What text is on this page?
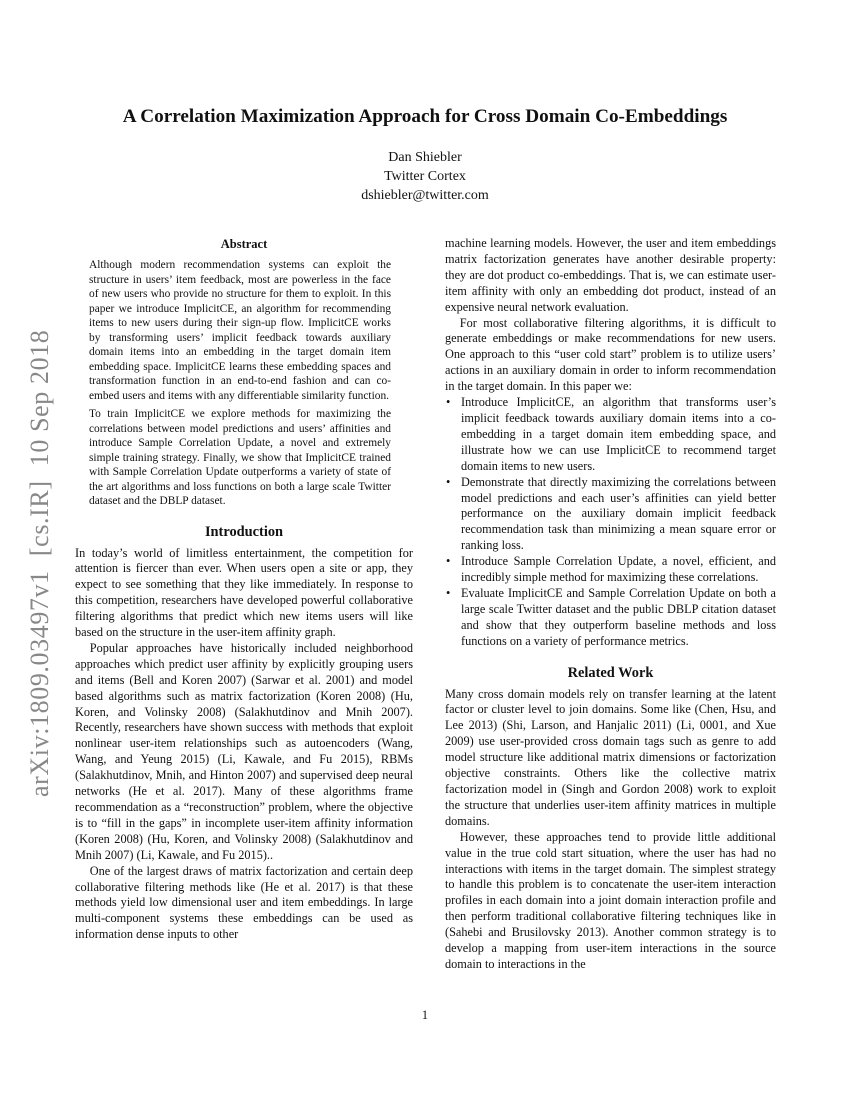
arXiv:1809.03497v1  [cs.IR]  10 Sep 2018
A Correlation Maximization Approach for Cross Domain Co-Embeddings
Dan Shiebler
Twitter Cortex
dshiebler@twitter.com
Abstract

Although modern recommendation systems can exploit the structure in users’ item feedback, most are powerless in the face of new users who provide no structure for them to exploit. In this paper we introduce ImplicitCE, an algorithm for recommending items to new users during their sign-up flow. ImplicitCE works by transforming users’ implicit feedback towards auxiliary domain items into an embedding in the target domain item embedding space. ImplicitCE learns these embedding spaces and transformation function in an end-to-end fashion and can co-embed users and items with any differentiable similarity function.

To train ImplicitCE we explore methods for maximizing the correlations between model predictions and users’ affinities and introduce Sample Correlation Update, a novel and extremely simple training strategy. Finally, we show that ImplicitCE trained with Sample Correlation Update outperforms a variety of state of the art algorithms and loss functions on both a large scale Twitter dataset and the DBLP dataset.

Introduction

In today’s world of limitless entertainment, the competition for attention is fiercer than ever. When users open a site or app, they expect to see something that they like immediately. In response to this competition, researchers have developed powerful collaborative filtering algorithms that predict which new items users will like based on the structure in the user-item affinity graph.

Popular approaches have historically included neighborhood approaches which predict user affinity by explicitly grouping users and items (Bell and Koren 2007) (Sarwar et al. 2001) and model based algorithms such as matrix factorization (Koren 2008) (Hu, Koren, and Volinsky 2008) (Salakhutdinov and Mnih 2007). Recently, researchers have shown success with methods that exploit nonlinear user-item relationships such as autoencoders (Wang, Wang, and Yeung 2015) (Li, Kawale, and Fu 2015), RBMs (Salakhutdinov, Mnih, and Hinton 2007) and supervised deep neural networks (He et al. 2017). Many of these algorithms frame recommendation as a “reconstruction” problem, where the objective is to “fill in the gaps” in incomplete user-item affinity information (Koren 2008) (Hu, Koren, and Volinsky 2008) (Salakhutdinov and Mnih 2007) (Li, Kawale, and Fu 2015)..

One of the largest draws of matrix factorization and certain deep collaborative filtering methods like (He et al. 2017) is that these methods yield low dimensional user and item embeddings. In large multi-component systems these embeddings can be used as information dense inputs to other

machine learning models. However, the user and item embeddings matrix factorization generates have another desirable property: they are dot product co-embeddings. That is, we can estimate user-item affinity with only an embedding dot product, instead of an expensive neural network evaluation.

For most collaborative filtering algorithms, it is difficult to generate embeddings or make recommendations for new users. One approach to this “user cold start” problem is to utilize users’ actions in an auxiliary domain in order to inform recommendation in the target domain. In this paper we:

• Introduce ImplicitCE, an algorithm that transforms user’s implicit feedback towards auxiliary domain items into a co-embedding in a target domain item embedding space, and illustrate how we can use ImplicitCE to recommend target domain items to new users.
• Demonstrate that directly maximizing the correlations between model predictions and each user’s affinities can yield better performance on the auxiliary domain implicit feedback recommendation task than minimizing a mean square error or ranking loss.
• Introduce Sample Correlation Update, a novel, efficient, and incredibly simple method for maximizing these correlations.
• Evaluate ImplicitCE and Sample Correlation Update on both a large scale Twitter dataset and the public DBLP citation dataset and show that they outperform baseline methods and loss functions on a variety of performance metrics.
Related Work

Many cross domain models rely on transfer learning at the latent factor or cluster level to join domains. Some like (Chen, Hsu, and Lee 2013) (Shi, Larson, and Hanjalic 2011) (Li, 0001, and Xue 2009) use user-provided cross domain tags such as genre to add model structure like additional matrix dimensions or factorization objective constraints. Others like the collective matrix factorization model in (Singh and Gordon 2008) work to exploit the structure that underlies user-item affinity matrices in multiple domains.

However, these approaches tend to provide little additional value in the true cold start situation, where the user has had no interactions with items in the target domain. The simplest strategy to handle this problem is to concatenate the user-item interaction profiles in each domain into a joint domain interaction profile and then perform traditional collaborative filtering techniques like in (Sahebi and Brusilovsky 2013). Another common strategy is to develop a mapping from user-item interactions in the source domain to interactions in the

1
